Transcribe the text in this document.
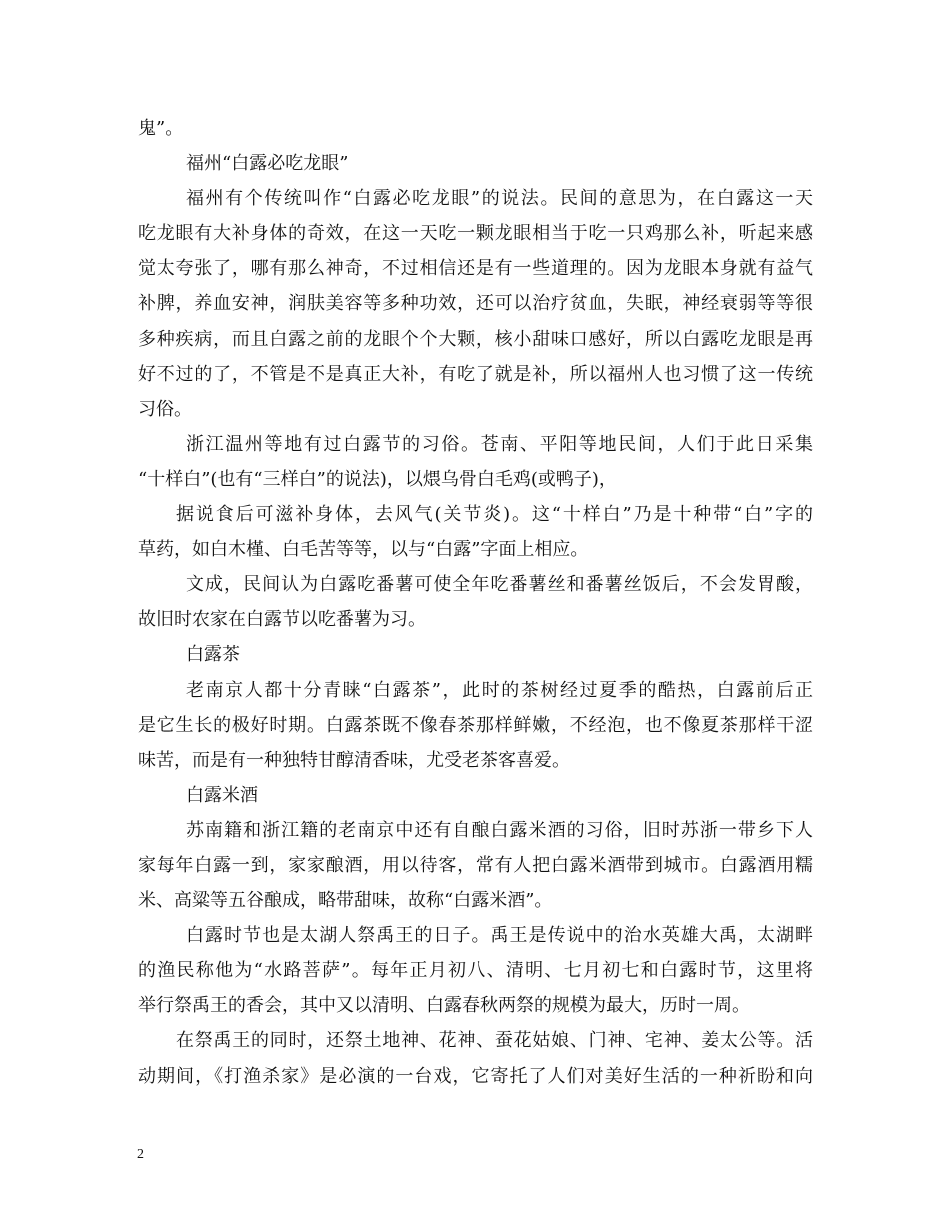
鬼”。
福州“白露必吃龙眼”
福州有个传统叫作“白露必吃龙眼”的说法。民间的意思为，在白露这一天
吃龙眼有大补身体的奇效，在这一天吃一颗龙眼相当于吃一只鸡那么补，听起来感
觉太夸张了，哪有那么神奇，不过相信还是有一些道理的。因为龙眼本身就有益气
补脾，养血安神，润肤美容等多种功效，还可以治疗贫血，失眠，神经衰弱等等很
多种疾病，而且白露之前的龙眼个个大颗，核小甜味口感好，所以白露吃龙眼是再
好不过的了，不管是不是真正大补，有吃了就是补，所以福州人也习惯了这一传统
习俗。
浙江温州等地有过白露节的习俗。苍南、平阳等地民间，人们于此日采集
“十样白”(也有“三样白”的说法)，以煨乌骨白毛鸡(或鸭子)，
据说食后可滋补身体，去风气(关节炎)。这“十样白”乃是十种带“白”字的
草药，如白木槿、白毛苦等等，以与“白露”字面上相应。
文成，民间认为白露吃番薯可使全年吃番薯丝和番薯丝饭后，不会发胃酸，
故旧时农家在白露节以吃番薯为习。
白露茶
老南京人都十分青睐“白露茶”，此时的茶树经过夏季的酷热，白露前后正
是它生长的极好时期。白露茶既不像春茶那样鲜嫩，不经泡，也不像夏茶那样干涩
味苦，而是有一种独特甘醇清香味，尤受老茶客喜爱。
白露米酒
苏南籍和浙江籍的老南京中还有自酿白露米酒的习俗，旧时苏浙一带乡下人
家每年白露一到，家家酿酒，用以待客，常有人把白露米酒带到城市。白露酒用糯
米、高粱等五谷酿成，略带甜味，故称“白露米酒”。
白露时节也是太湖人祭禹王的日子。禹王是传说中的治水英雄大禹，太湖畔
的渔民称他为“水路菩萨”。每年正月初八、清明、七月初七和白露时节，这里将
举行祭禹王的香会，其中又以清明、白露春秋两祭的规模为最大，历时一周。
在祭禹王的同时，还祭土地神、花神、蚕花姑娘、门神、宅神、姜太公等。活
动期间，《打渔杀家》是必演的一台戏，它寄托了人们对美好生活的一种祈盼和向
2
